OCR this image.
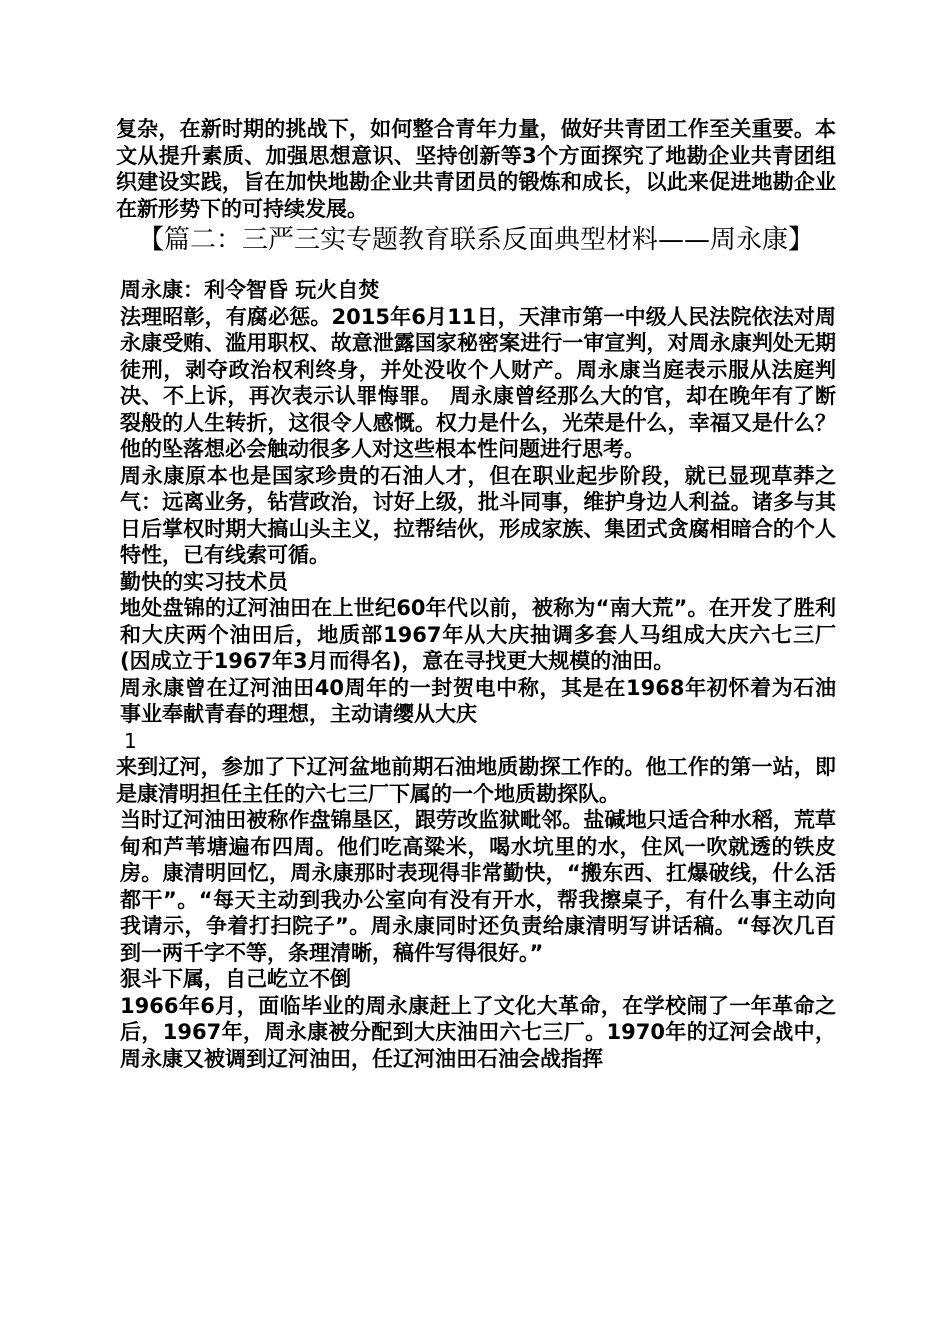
复杂，在新时期的挑战下，如何整合青年力量，做好共青团工作至关重要。本文从提升素质、加强思想意识、坚持创新等3个方面探究了地勘企业共青团组织建设实践，旨在加快地勘企业共青团员的锻炼和成长，以此来促进地勘企业在新形势下的可持续发展。

【篇二：三严三实专题教育联系反面典型材料——周永康】

周永康：利令智昏 玩火自焚

法理昭彰，有腐必惩。2015年6月11日，天津市第一中级人民法院依法对周永康受贿、滥用职权、故意泄露国家秘密案进行一审宣判，对周永康判处无期徒刑，剥夺政治权利终身，并处没收个人财产。周永康当庭表示服从法庭判决、不上诉，再次表示认罪悔罪。 周永康曾经那么大的官，却在晚年有了断裂般的人生转折，这很令人感慨。权力是什么，光荣是什么，幸福又是什么？他的坠落想必会触动很多人对这些根本性问题进行思考。

周永康原本也是国家珍贵的石油人才，但在职业起步阶段，就已显现草莽之气：远离业务，钻营政治，讨好上级，批斗同事，维护身边人利益。诸多与其日后掌权时期大搞山头主义，拉帮结伙，形成家族、集团式贪腐相暗合的个人特性，已有线索可循。

勤快的实习技术员

地处盘锦的辽河油田在上世纪60年代以前，被称为“南大荒”。在开发了胜利和大庆两个油田后，地质部1967年从大庆抽调多套人马组成大庆六七三厂(因成立于1967年3月而得名)，意在寻找更大规模的油田。

周永康曾在辽河油田40周年的一封贺电中称，其是在1968年初怀着为石油事业奉献青春的理想，主动请缨从大庆

1

来到辽河，参加了下辽河盆地前期石油地质勘探工作的。他工作的第一站，即是康清明担任主任的六七三厂下属的一个地质勘探队。

当时辽河油田被称作盘锦垦区，跟劳改监狱毗邻。盐碱地只适合种水稻，荒草甸和芦苇塘遍布四周。他们吃高粱米，喝水坑里的水，住风一吹就透的铁皮房。康清明回忆，周永康那时表现得非常勤快，“搬东西、扛爆破线，什么活都干”。“每天主动到我办公室向有没有开水，帮我擦桌子，有什么事主动向我请示，争着打扫院子”。周永康同时还负责给康清明写讲话稿。“每次几百到一两千字不等，条理清晰，稿件写得很好。”

狠斗下属，自己屹立不倒

1966年6月，面临毕业的周永康赶上了文化大革命，在学校闹了一年革命之后，1967年，周永康被分配到大庆油田六七三厂。1970年的辽河会战中，周永康又被调到辽河油田，任辽河油田石油会战指挥
